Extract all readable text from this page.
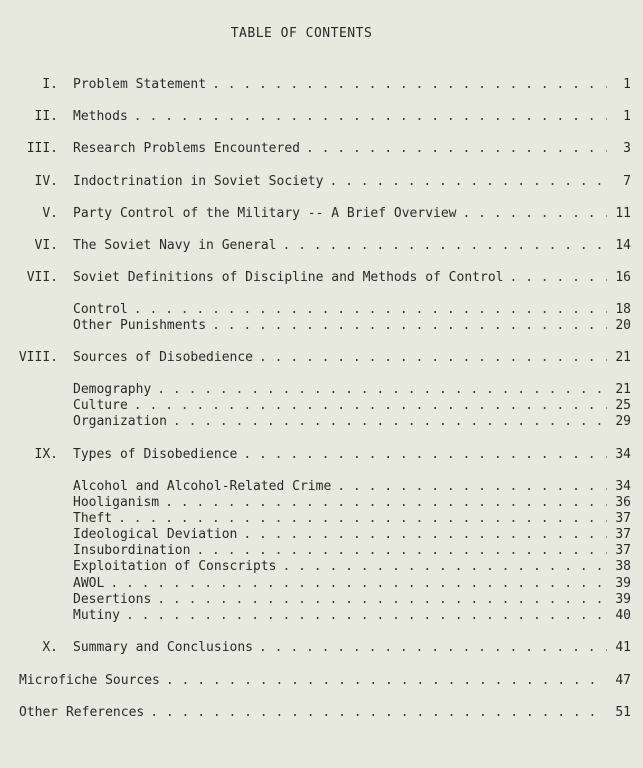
TABLE OF CONTENTS
I. Problem Statement . . .	1
II. Methods . . .	1
III. Research Problems Encountered . . .	3
IV. Indoctrination in Soviet Society . . .	7
V. Party Control of the Military -- A Brief Overview . . .	11
VI. The Soviet Navy in General . . .	14
VII. Soviet Definitions of Discipline and Methods of Control . . .	16
Control . . .	18
Other Punishments . . .	20
VIII. Sources of Disobedience . . .	21
Demography . . .	21
Culture . . .	25
Organization . . .	29
IX. Types of Disobedience . . .	34
Alcohol and Alcohol-Related Crime . . .	34
Hooliganism . . .	36
Theft . . .	37
Ideological Deviation . . .	37
Insubordination . . .	37
Exploitation of Conscripts . . .	38
AWOL . . .	39
Desertions . . .	39
Mutiny . . .	40
X. Summary and Conclusions . . .	41
Microfiche Sources . . .	47
Other References . . .	51
